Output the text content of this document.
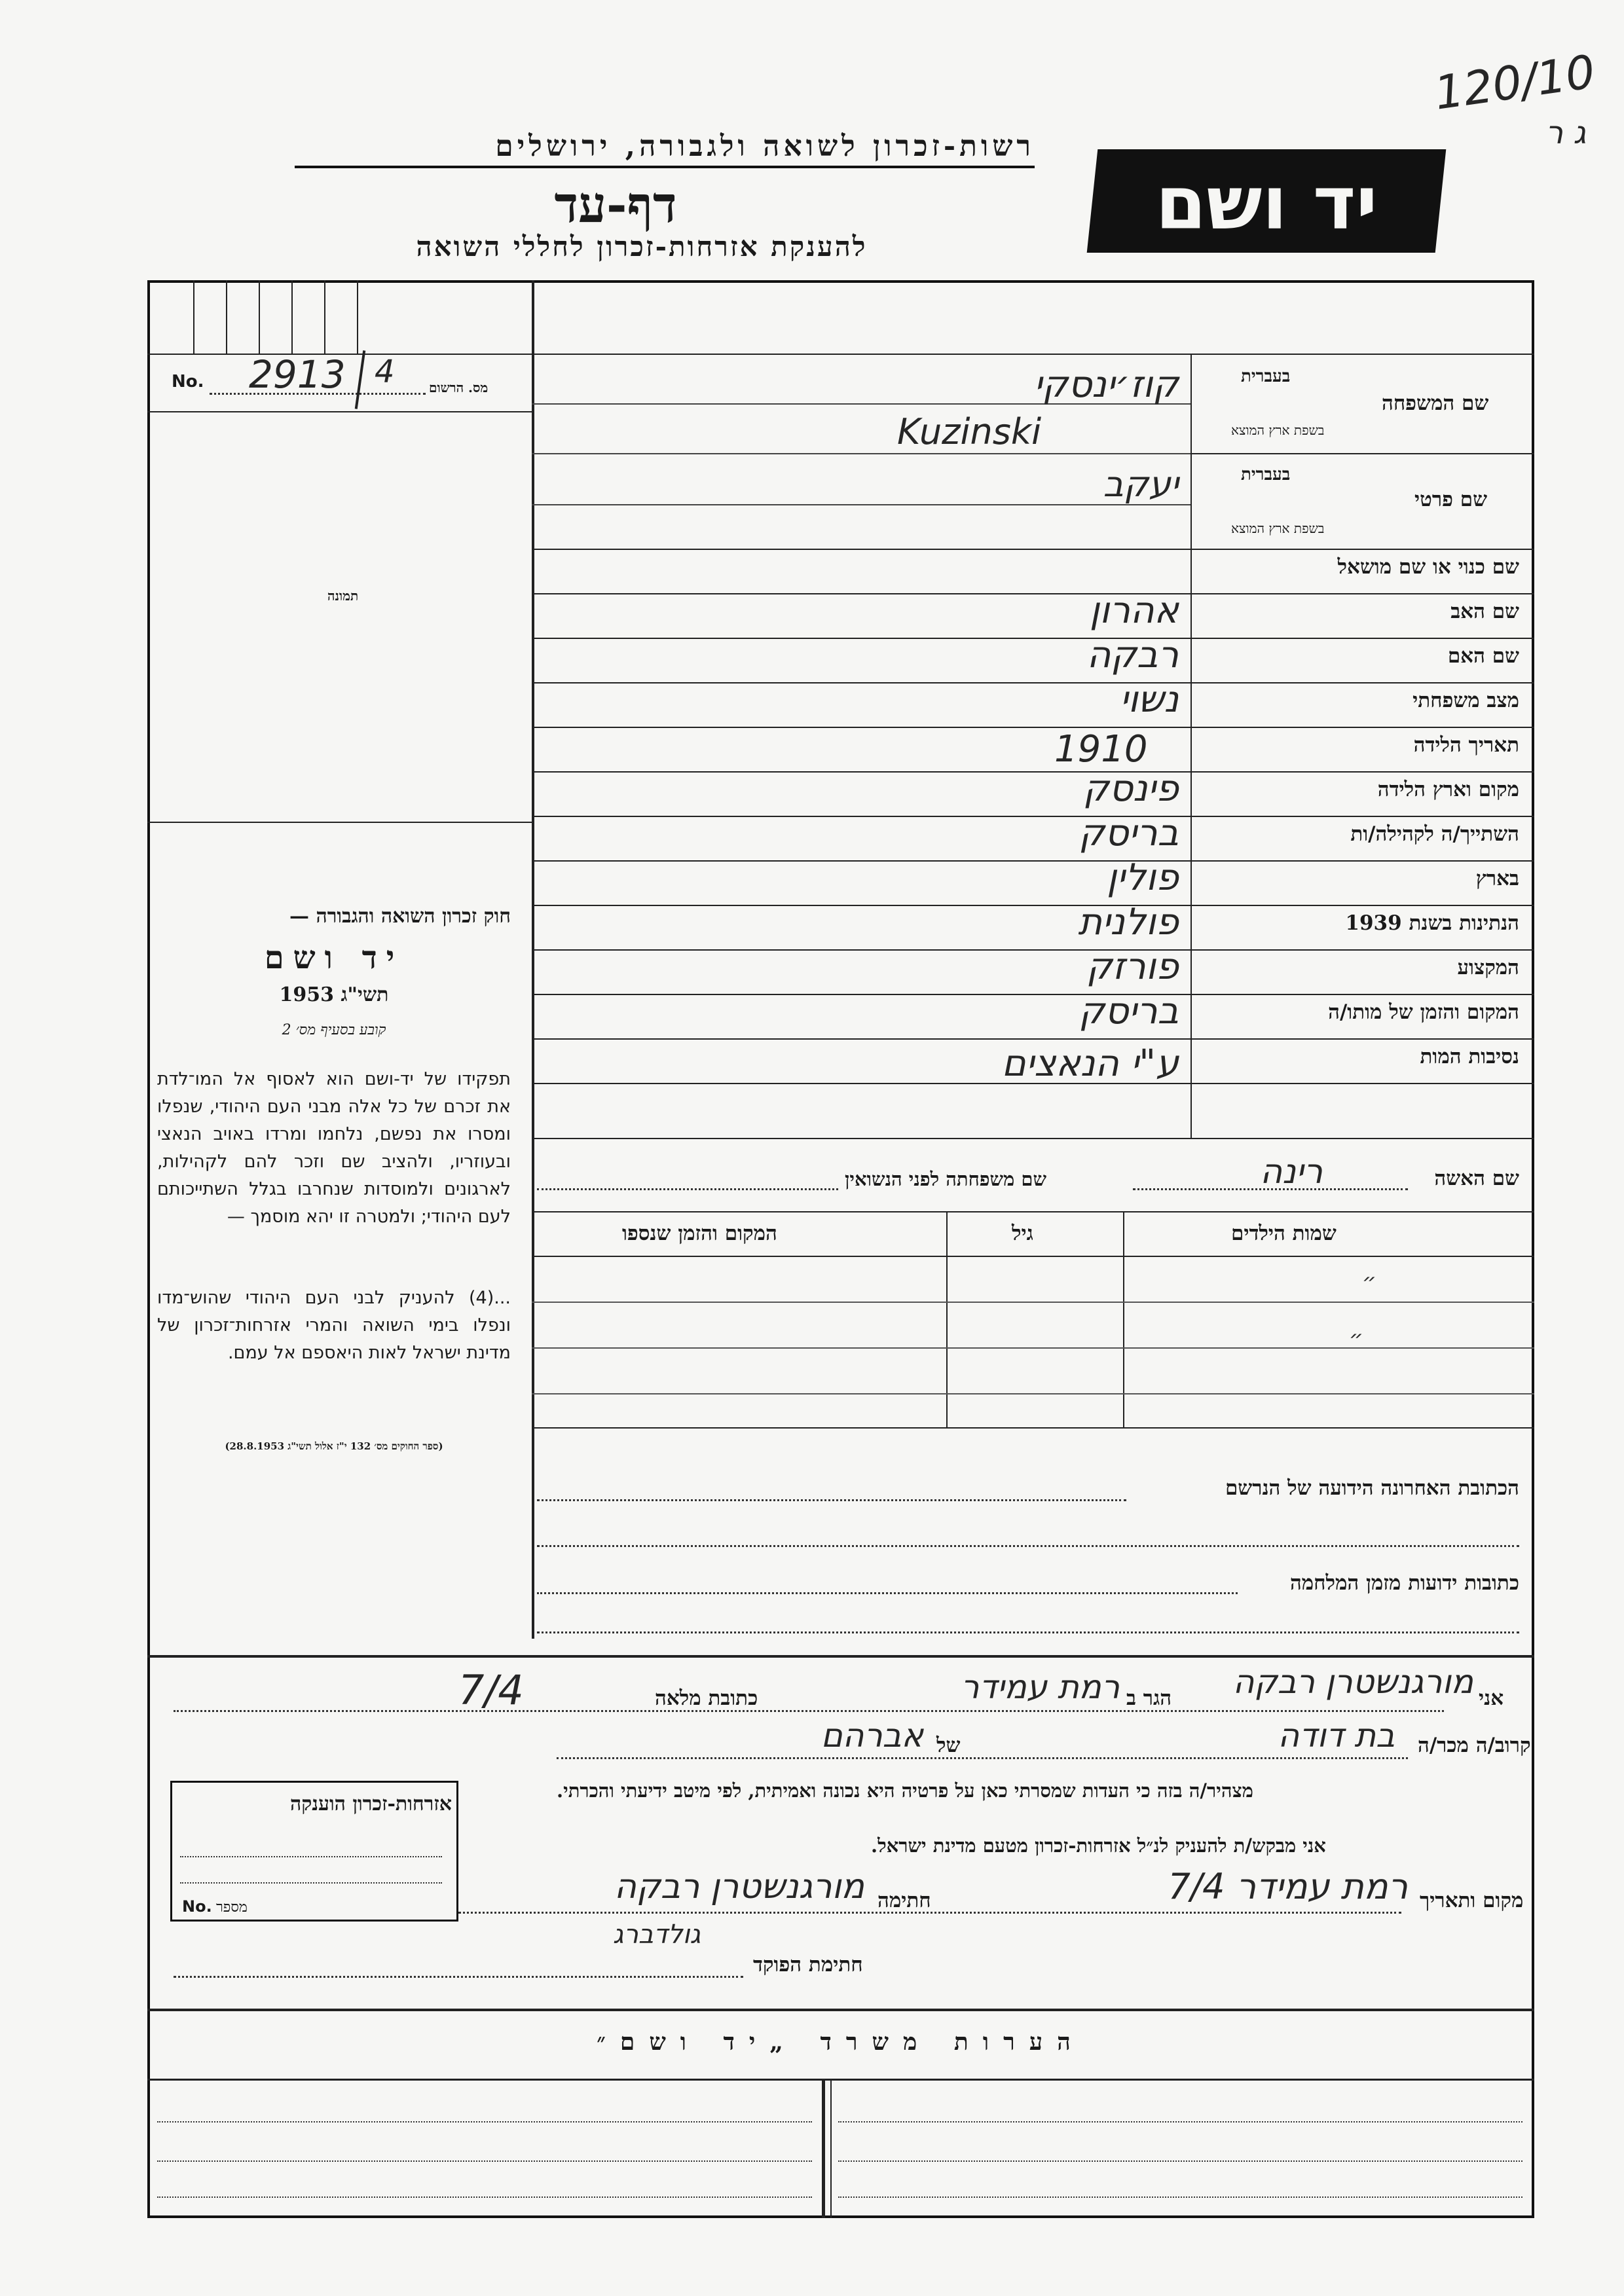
120/10
ג ר
רשות-זכרון לשואה ולגבורה, ירושלים
דף-עד
להענקת אזרחות-זכרון לחללי השואה
יד ושם
No. 2913 4	מס. הרשום
תמונה
חוק זכרון השואה והגבורה —
יד ושם
תשי"ג 1953
קובע בסעיף מס׳ 2
תפקידו של יד-ושם הוא לאסוף אל המו־לדת את זכרם של כל אלה מבני העם היהודי, שנפלו ומסרו את נפשם, נלחמו ומרדו באויב הנאצי ובעוזריו, ולהציב שם וזכר להם לקהילות, לארגונים ולמוסדות שנחרבו בגלל השתייכותם לעם היהודי; ולמטרה זו יהא מוסמך —
...(4) להעניק לבני העם היהודי שהוש־מדו ונפלו בימי השואה והמרי אזרחות־זכרון של מדינת ישראל לאות היאספם אל עמם.
(ספר החוקים מס׳ 132 י"ז אלול תשי"ג 28.8.1953)
בעברית
בשפת ארץ המוצא
שם המשפחה
קוז׳ינסקי
Kuzinski
בעברית
בשפת ארץ המוצא
שם פרטי
יעקב
שם כנוי או שם מושאל
שם האב
אהרון
שם האם
רבקה
מצב משפחתי
נשוי
תאריך הלידה
1910
מקום וארץ הלידה
פינסק
השתייך/ה לקהילה/ות
בריסק
בארץ
פולין
הנתינות בשנת 1939
פולנית
המקצוע
פורזק
המקום והזמן של מותו/ה
בריסק
נסיבות המות
ע"י הנאצים
שם האשה
רינה
שם משפחתה לפני הנשואין
שמות הילדים
גיל
המקום והזמן שנספו
״
״
הכתובת האחרונה הידועה של הנרשם
כתובות ידועות מזמן המלחמה
אני
מורגנשטרן רבקה
הגר ב
רמת עמידר
כתובת מלאה
7/4
קרוב/ה מכר/ה
בת דודה
של
אברהם
מצהיר/ה בזה כי העדות שמסרתי כאן על פרטיה היא נכונה ואמיתית, לפי מיטב ידיעתי והכרתי.
אני מבקש/ת להעניק לנ״ל אזרחות-זכרון מטעם מדינת ישראל.
מקום ותאריך
רמת עמידר 7/4
חתימה
מורגנשטרן רבקה
גולדברג
חתימת הפוקד
אזרחות-זכרון הוענקה
No. מספר
הערות משרד „יד ושם״
